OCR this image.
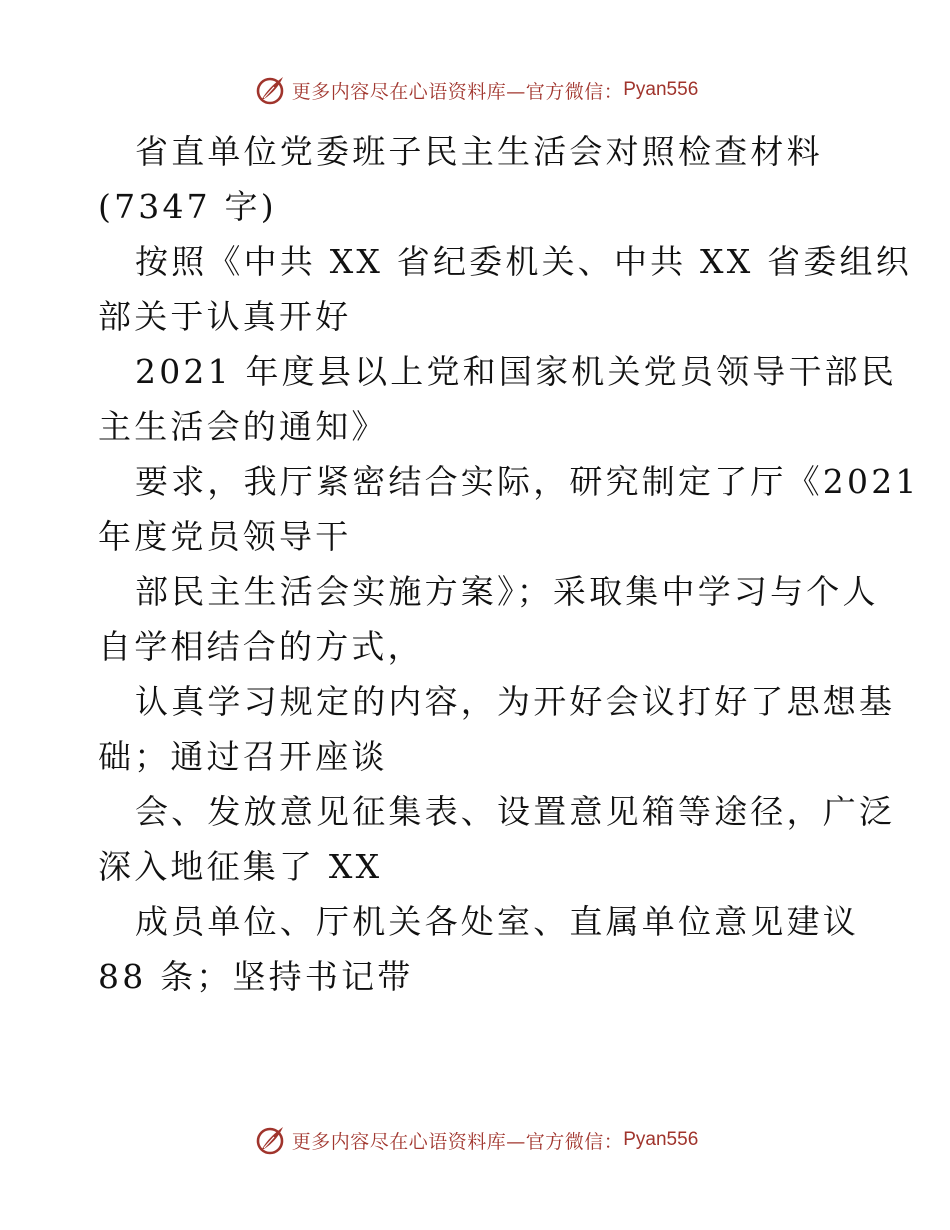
更多内容尽在心语资料库—官方微信： Pyan556
省直单位党委班子民主生活会对照检查材料
(7347 字)
按照《中共 XX 省纪委机关、中共 XX 省委组织
部关于认真开好
2021 年度县以上党和国家机关党员领导干部民
主生活会的通知》
要求，我厅紧密结合实际，研究制定了厅《2021
年度党员领导干
部民主生活会实施方案》；采取集中学习与个人
自学相结合的方式，
认真学习规定的内容，为开好会议打好了思想基
础；通过召开座谈
会、发放意见征集表、设置意见箱等途径，广泛
深入地征集了 XX
成员单位、厅机关各处室、直属单位意见建议
88 条；坚持书记带
更多内容尽在心语资料库—官方微信： Pyan556
